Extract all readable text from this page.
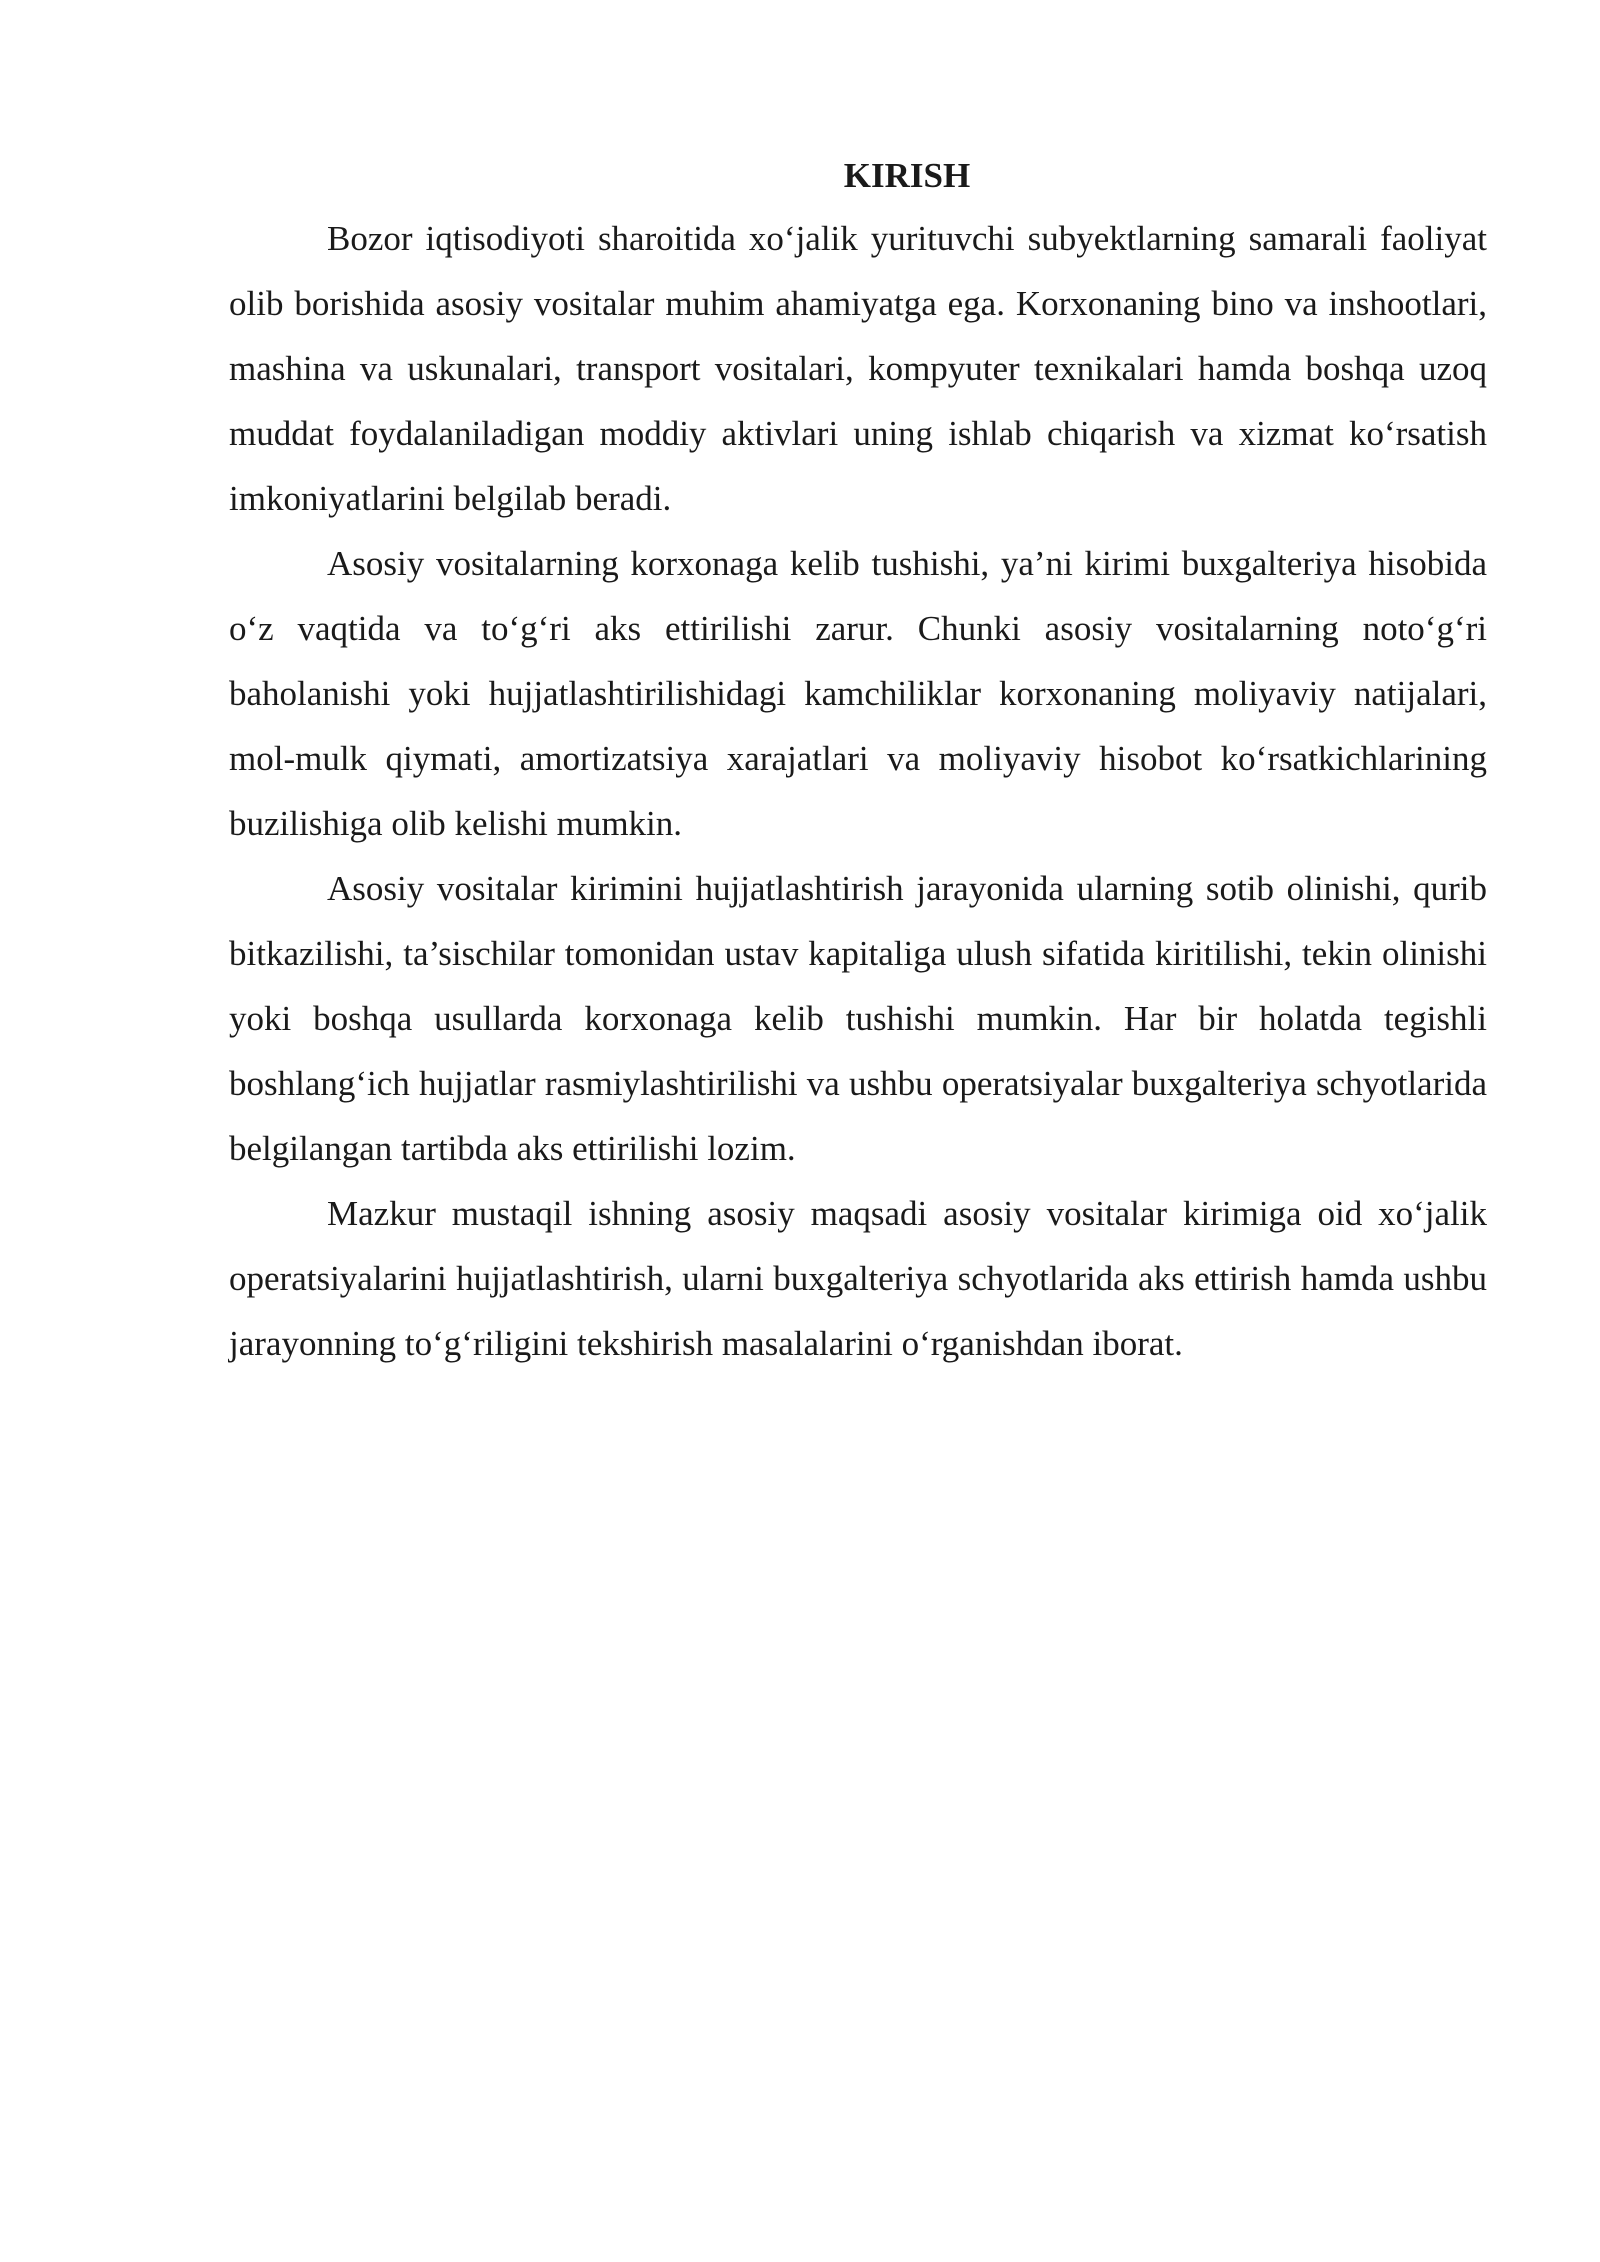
KIRISH

Bozor iqtisodiyoti sharoitida xo‘jalik yurituvchi subyektlarning samarali faoliyat olib borishida asosiy vositalar muhim ahamiyatga ega. Korxonaning bino va inshootlari, mashina va uskunalari, transport vositalari, kompyuter texnikalari hamda boshqa uzoq muddat foydalaniladigan moddiy aktivlari uning ishlab chiqarish va xizmat ko‘rsatish imkoniyatlarini belgilab beradi.

Asosiy vositalarning korxonaga kelib tushishi, ya’ni kirimi buxgalteriya hisobida o‘z vaqtida va to‘g‘ri aks ettirilishi zarur. Chunki asosiy vositalarning noto‘g‘ri baholanishi yoki hujjatlashtirilishidagi kamchiliklar korxonaning moliyaviy natijalari, mol-mulk qiymati, amortizatsiya xarajatlari va moliyaviy hisobot ko‘rsatkichlarining buzilishiga olib kelishi mumkin.

Asosiy vositalar kirimini hujjatlashtirish jarayonida ularning sotib olinishi, qurib bitkazilishi, ta’sischilar tomonidan ustav kapitaliga ulush sifatida kiritilishi, tekin olinishi yoki boshqa usullarda korxonaga kelib tushishi mumkin. Har bir holatda tegishli boshlang‘ich hujjatlar rasmiylashtirilishi va ushbu operatsiyalar buxgalteriya schyotlarida belgilangan tartibda aks ettirilishi lozim.

Mazkur mustaqil ishning asosiy maqsadi asosiy vositalar kirimiga oid xo‘jalik operatsiyalarini hujjatlashtirish, ularni buxgalteriya schyotlarida aks ettirish hamda ushbu jarayonning to‘g‘riligini tekshirish masalalarini o‘rganishdan iborat.
